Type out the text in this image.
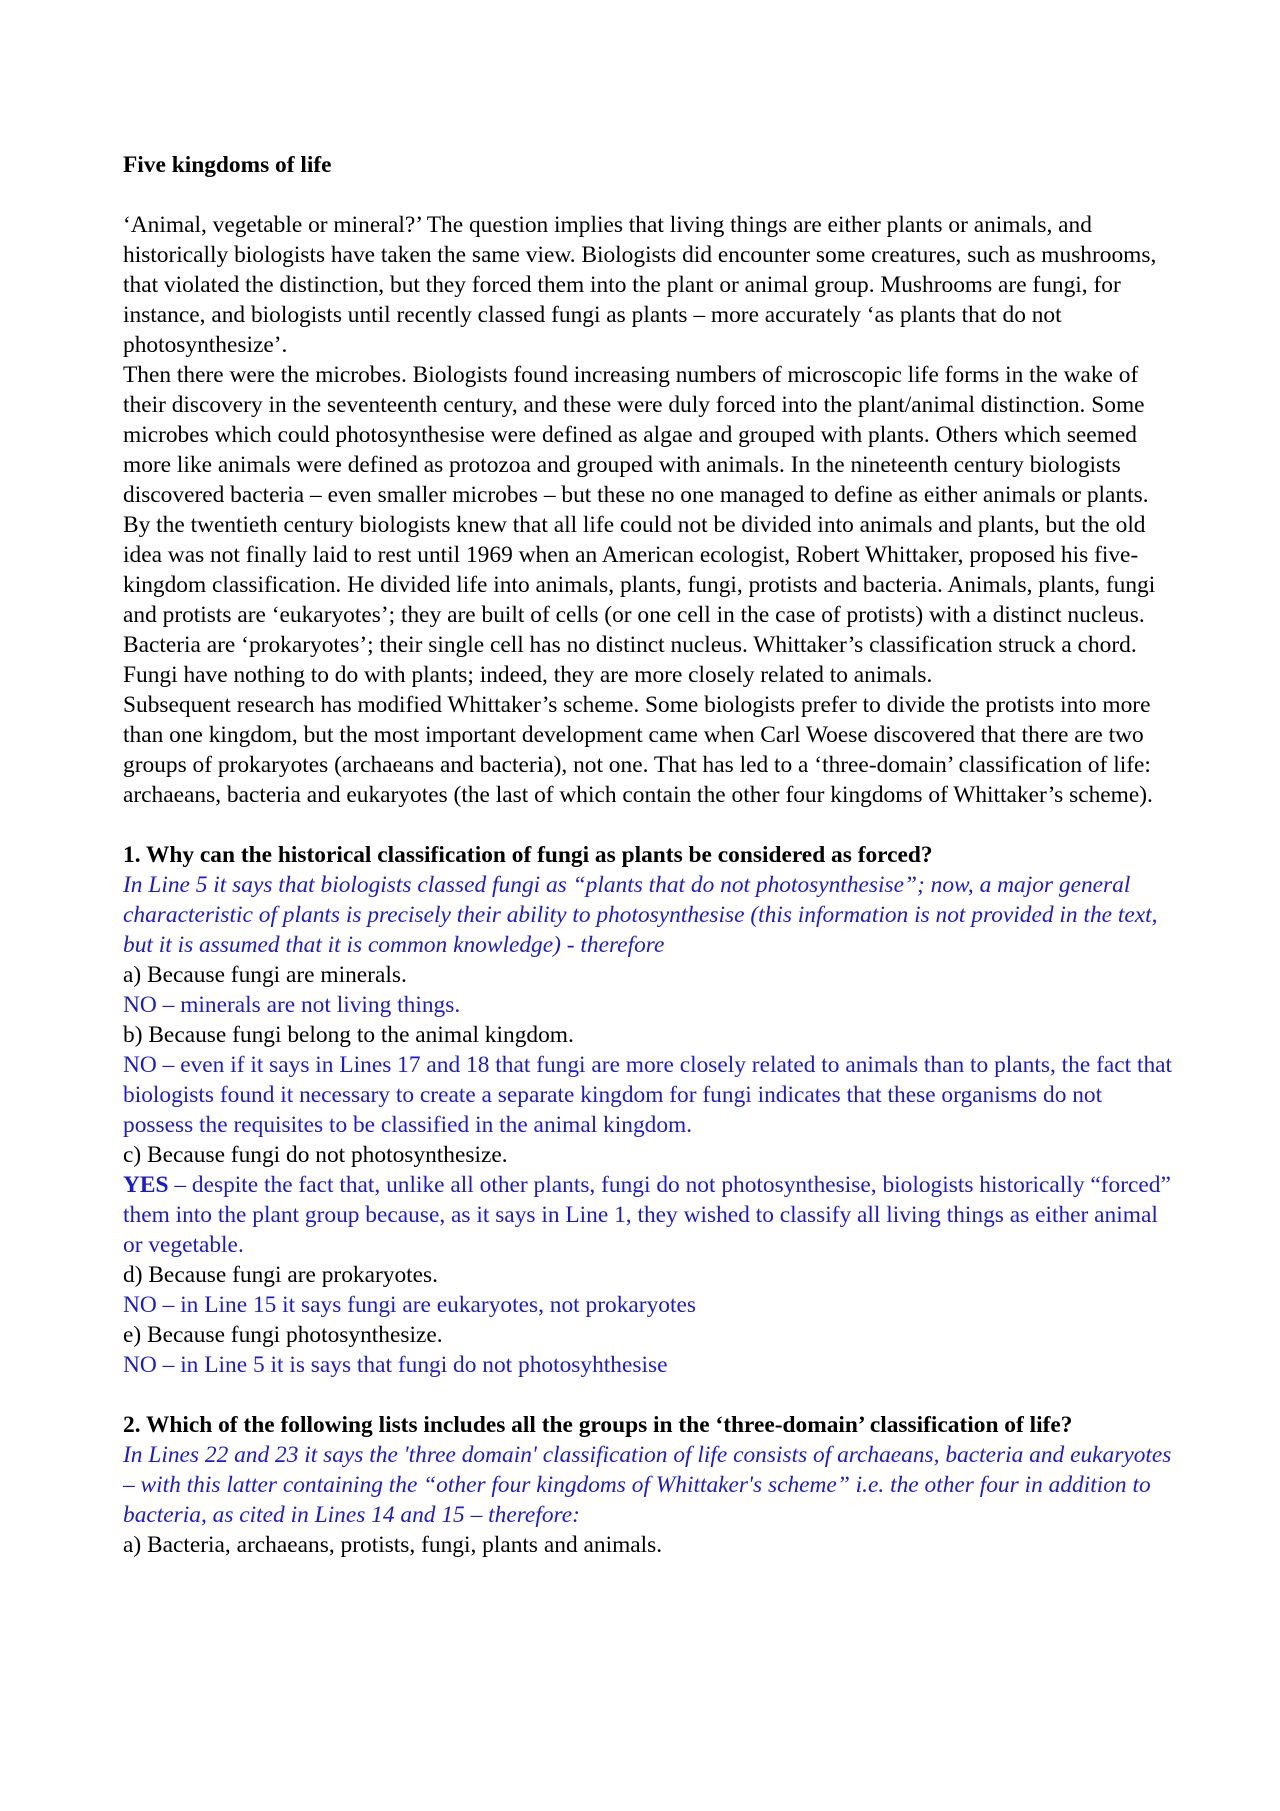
Five kingdoms of life

‘Animal, vegetable or mineral?’ The question implies that living things are either plants or animals, and historically biologists have taken the same view. Biologists did encounter some creatures, such as mushrooms, that violated the distinction, but they forced them into the plant or animal group. Mushrooms are fungi, for instance, and biologists until recently classed fungi as plants – more accurately ‘as plants that do not photosynthesize’.

Then there were the microbes. Biologists found increasing numbers of microscopic life forms in the wake of their discovery in the seventeenth century, and these were duly forced into the plant/animal distinction. Some microbes which could photosynthesise were defined as algae and grouped with plants. Others which seemed more like animals were defined as protozoa and grouped with animals. In the nineteenth century biologists discovered bacteria – even smaller microbes – but these no one managed to define as either animals or plants.

By the twentieth century biologists knew that all life could not be divided into animals and plants, but the old idea was not finally laid to rest until 1969 when an American ecologist, Robert Whittaker, proposed his five-kingdom classification. He divided life into animals, plants, fungi, protists and bacteria. Animals, plants, fungi and protists are ‘eukaryotes’; they are built of cells (or one cell in the case of protists) with a distinct nucleus. Bacteria are ‘prokaryotes’; their single cell has no distinct nucleus. Whittaker’s classification struck a chord. Fungi have nothing to do with plants; indeed, they are more closely related to animals.

Subsequent research has modified Whittaker’s scheme. Some biologists prefer to divide the protists into more than one kingdom, but the most important development came when Carl Woese discovered that there are two groups of prokaryotes (archaeans and bacteria), not one. That has led to a ‘three-domain’ classification of life: archaeans, bacteria and eukaryotes (the last of which contain the other four kingdoms of Whittaker’s scheme).

1. Why can the historical classification of fungi as plants be considered as forced?

In Line 5 it says that biologists classed fungi as “plants that do not photosynthesise”; now, a major general characteristic of plants is precisely their ability to photosynthesise (this information is not provided in the text, but it is assumed that it is common knowledge) - therefore

a) Because fungi are minerals.

NO – minerals are not living things.

b) Because fungi belong to the animal kingdom.

NO – even if it says in Lines 17 and 18 that fungi are more closely related to animals than to plants, the fact that biologists found it necessary to create a separate kingdom for fungi indicates that these organisms do not possess the requisites to be classified in the animal kingdom.

c) Because fungi do not photosynthesize.

YES – despite the fact that, unlike all other plants, fungi do not photosynthesise, biologists historically “forced” them into the plant group because, as it says in Line 1, they wished to classify all living things as either animal or vegetable.

d) Because fungi are prokaryotes.

NO – in Line 15 it says fungi are eukaryotes, not prokaryotes

e) Because fungi photosynthesize.

NO – in Line 5 it is says that fungi do not photosyhthesise

2. Which of the following lists includes all the groups in the ‘three-domain’ classification of life?

In Lines 22 and 23 it says the 'three domain' classification of life consists of archaeans, bacteria and eukaryotes – with this latter containing the “other four kingdoms of Whittaker's scheme” i.e. the other four in addition to bacteria, as cited in Lines 14 and 15 – therefore:

a) Bacteria, archaeans, protists, fungi, plants and animals.
